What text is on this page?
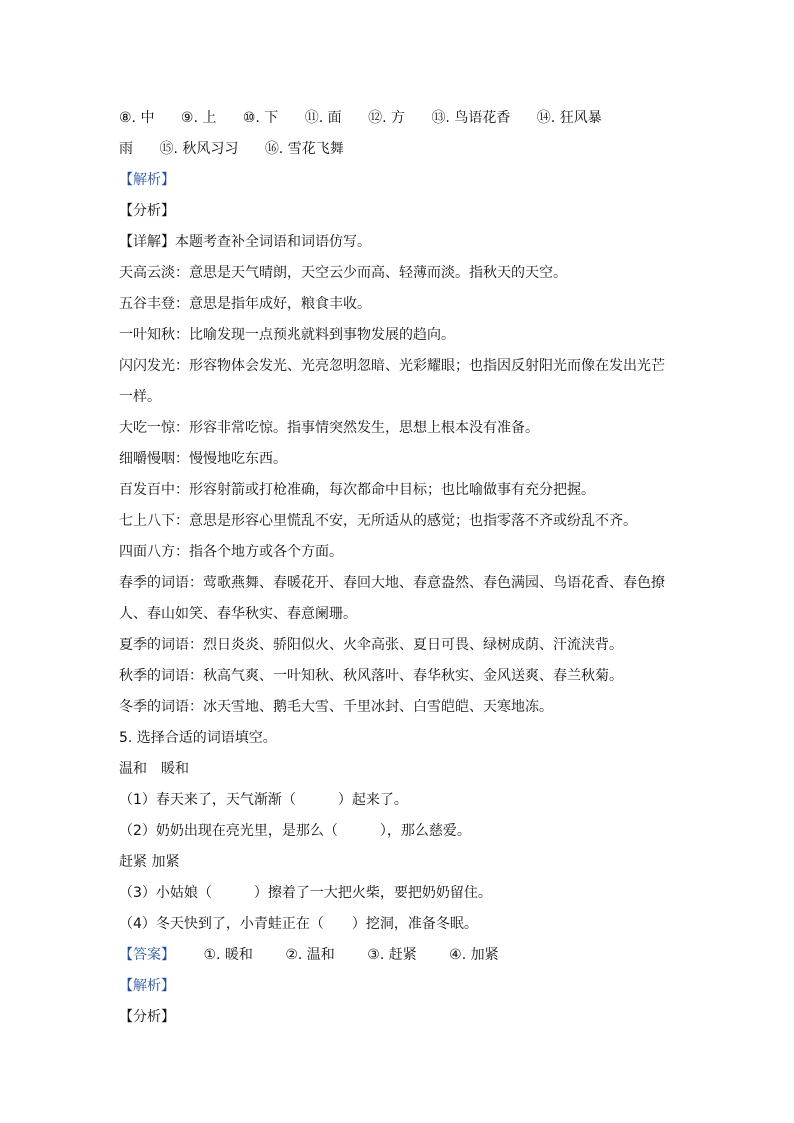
⑧. 中 ⑨. 上 ⑩. 下 ⑪. 面 ⑫. 方 ⑬. 鸟语花香 ⑭. 狂风暴
雨 ⑮. 秋风习习 ⑯. 雪花飞舞
【解析】
【分析】
【详解】本题考查补全词语和词语仿写。
天高云淡：意思是天气晴朗，天空云少而高、轻薄而淡。指秋天的天空。
五谷丰登：意思是指年成好，粮食丰收。
一叶知秋：比喻发现一点预兆就料到事物发展的趋向。
闪闪发光：形容物体会发光、光亮忽明忽暗、光彩耀眼；也指因反射阳光而像在发出光芒
一样。
大吃一惊：形容非常吃惊。指事情突然发生，思想上根本没有准备。
细嚼慢咽：慢慢地吃东西。
百发百中：形容射箭或打枪准确，每次都命中目标；也比喻做事有充分把握。
七上八下：意思是形容心里慌乱不安，无所适从的感觉；也指零落不齐或纷乱不齐。
四面八方：指各个地方或各个方面。
春季的词语：莺歌燕舞、春暖花开、春回大地、春意盎然、春色满园、鸟语花香、春色撩
人、春山如笑、春华秋实、春意阑珊。
夏季的词语：烈日炎炎、骄阳似火、火伞高张、夏日可畏、绿树成荫、汗流浃背。
秋季的词语：秋高气爽、一叶知秋、秋风落叶、春华秋实、金风送爽、春兰秋菊。
冬季的词语：冰天雪地、鹅毛大雪、千里冰封、白雪皑皑、天寒地冻。
5. 选择合适的词语填空。
温和　暖和
（1）春天来了，天气渐渐（　　　）起来了。
（2）奶奶出现在亮光里，是那么（　　　），那么慈爱。
赶紧 加紧
（3）小姑娘（　　　）擦着了一大把火柴，要把奶奶留住。
（4）冬天快到了，小青蛙正在（　　）挖洞，准备冬眠。
【答案】 ①. 暖和 ②. 温和 ③. 赶紧 ④. 加紧
【解析】
【分析】
